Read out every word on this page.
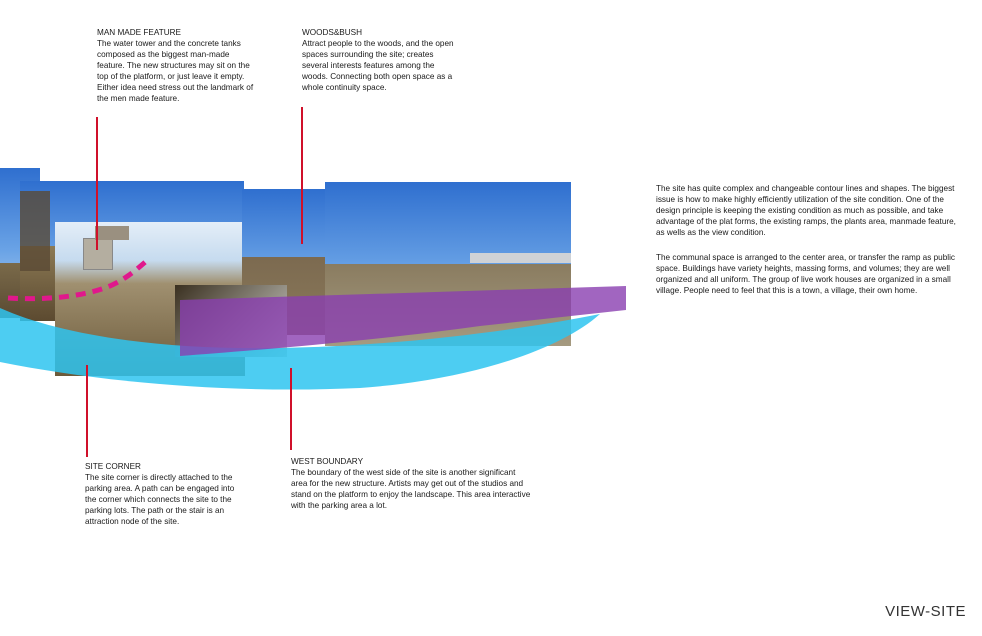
MAN MADE FEATURE
The water tower and the concrete tanks composed as the biggest man-made feature. The new structures may sit on the top of the platform, or just leave it empty. Either idea need stress out the landmark of the men made feature.
WOODS&BUSH
Attract people to the woods, and the open spaces surrounding the site; creates several interests features among the woods. Connecting both open space as a whole continuity space.
SITE CORNER
The site corner is directly attached to the parking area. A path can be engaged into the corner which connects the site to the parking lots. The path or the stair is an attraction node of the site.
WEST BOUNDARY
The boundary of the west side of the site is another significant area for the new structure. Artists may get out of the studios and stand on the platform to enjoy the landscape. This area interactive with the parking area a lot.
The site has quite complex and changeable contour lines and shapes. The biggest issue is how to make highly efficiently utilization of the site condition. One of the design principle is keeping the existing condition as much as possible, and take advantage of the plat forms, the existing ramps, the plants area, manmade feature, as wells as the view condition.
The communal space is arranged to the center area, or transfer the ramp as public space. Buildings have variety heights, massing forms, and volumes; they are well organized and all uniform. The group of live work houses are organized in a small village. People need to feel that this is a town, a village, their own home.
VIEW-SITE
